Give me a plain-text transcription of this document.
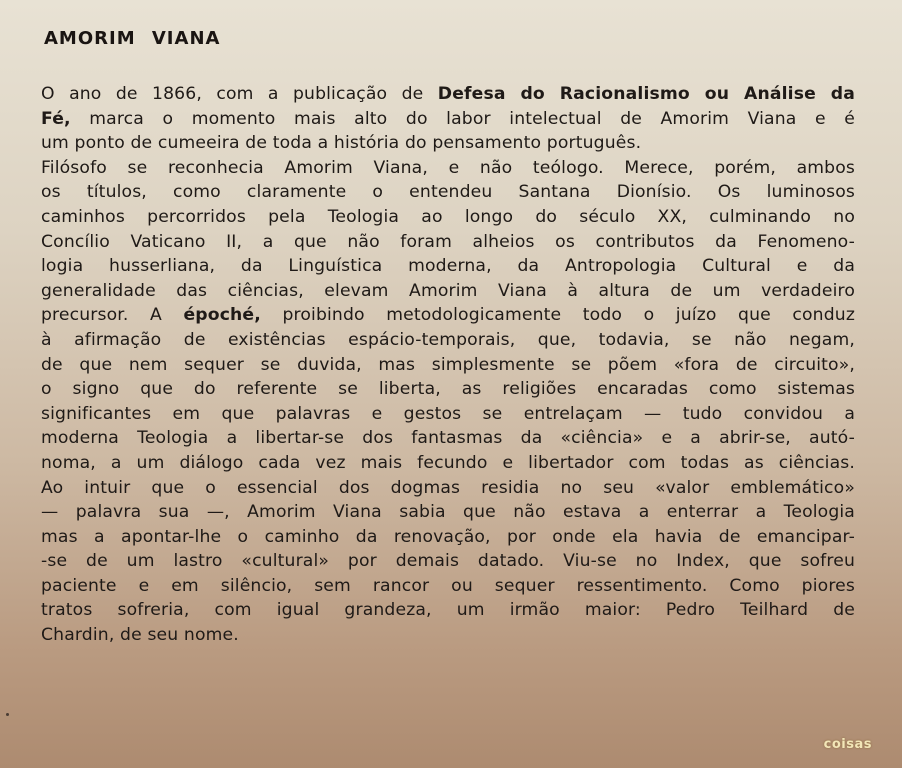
AMORIM VIANA
O ano de 1866, com a publicação de Defesa do Racionalismo ou Análise da
Fé, marca o momento mais alto do labor intelectual de Amorim Viana e é
um ponto de cumeeira de toda a história do pensamento português.
Filósofo se reconhecia Amorim Viana, e não teólogo. Merece, porém, ambos
os títulos, como claramente o entendeu Santana Dionísio. Os luminosos
caminhos percorridos pela Teologia ao longo do século XX, culminando no
Concílio Vaticano II, a que não foram alheios os contributos da Fenomeno-
logia husserliana, da Linguística moderna, da Antropologia Cultural e da
generalidade das ciências, elevam Amorim Viana à altura de um verdadeiro
precursor. A époché, proibindo metodologicamente todo o juízo que conduz
à afirmação de existências espácio-temporais, que, todavia, se não negam,
de que nem sequer se duvida, mas simplesmente se põem «fora de circuito»,
o signo que do referente se liberta, as religiões encaradas como sistemas
significantes em que palavras e gestos se entrelaçam — tudo convidou a
moderna Teologia a libertar-se dos fantasmas da «ciência» e a abrir-se, autó-
noma, a um diálogo cada vez mais fecundo e libertador com todas as ciências.
Ao intuir que o essencial dos dogmas residia no seu «valor emblemático»
— palavra sua —, Amorim Viana sabia que não estava a enterrar a Teologia
mas a apontar-lhe o caminho da renovação, por onde ela havia de emancipar-
-se de um lastro «cultural» por demais datado. Viu-se no Index, que sofreu
paciente e em silêncio, sem rancor ou sequer ressentimento. Como piores
tratos sofreria, com igual grandeza, um irmão maior: Pedro Teilhard de
Chardin, de seu nome.
coisas
